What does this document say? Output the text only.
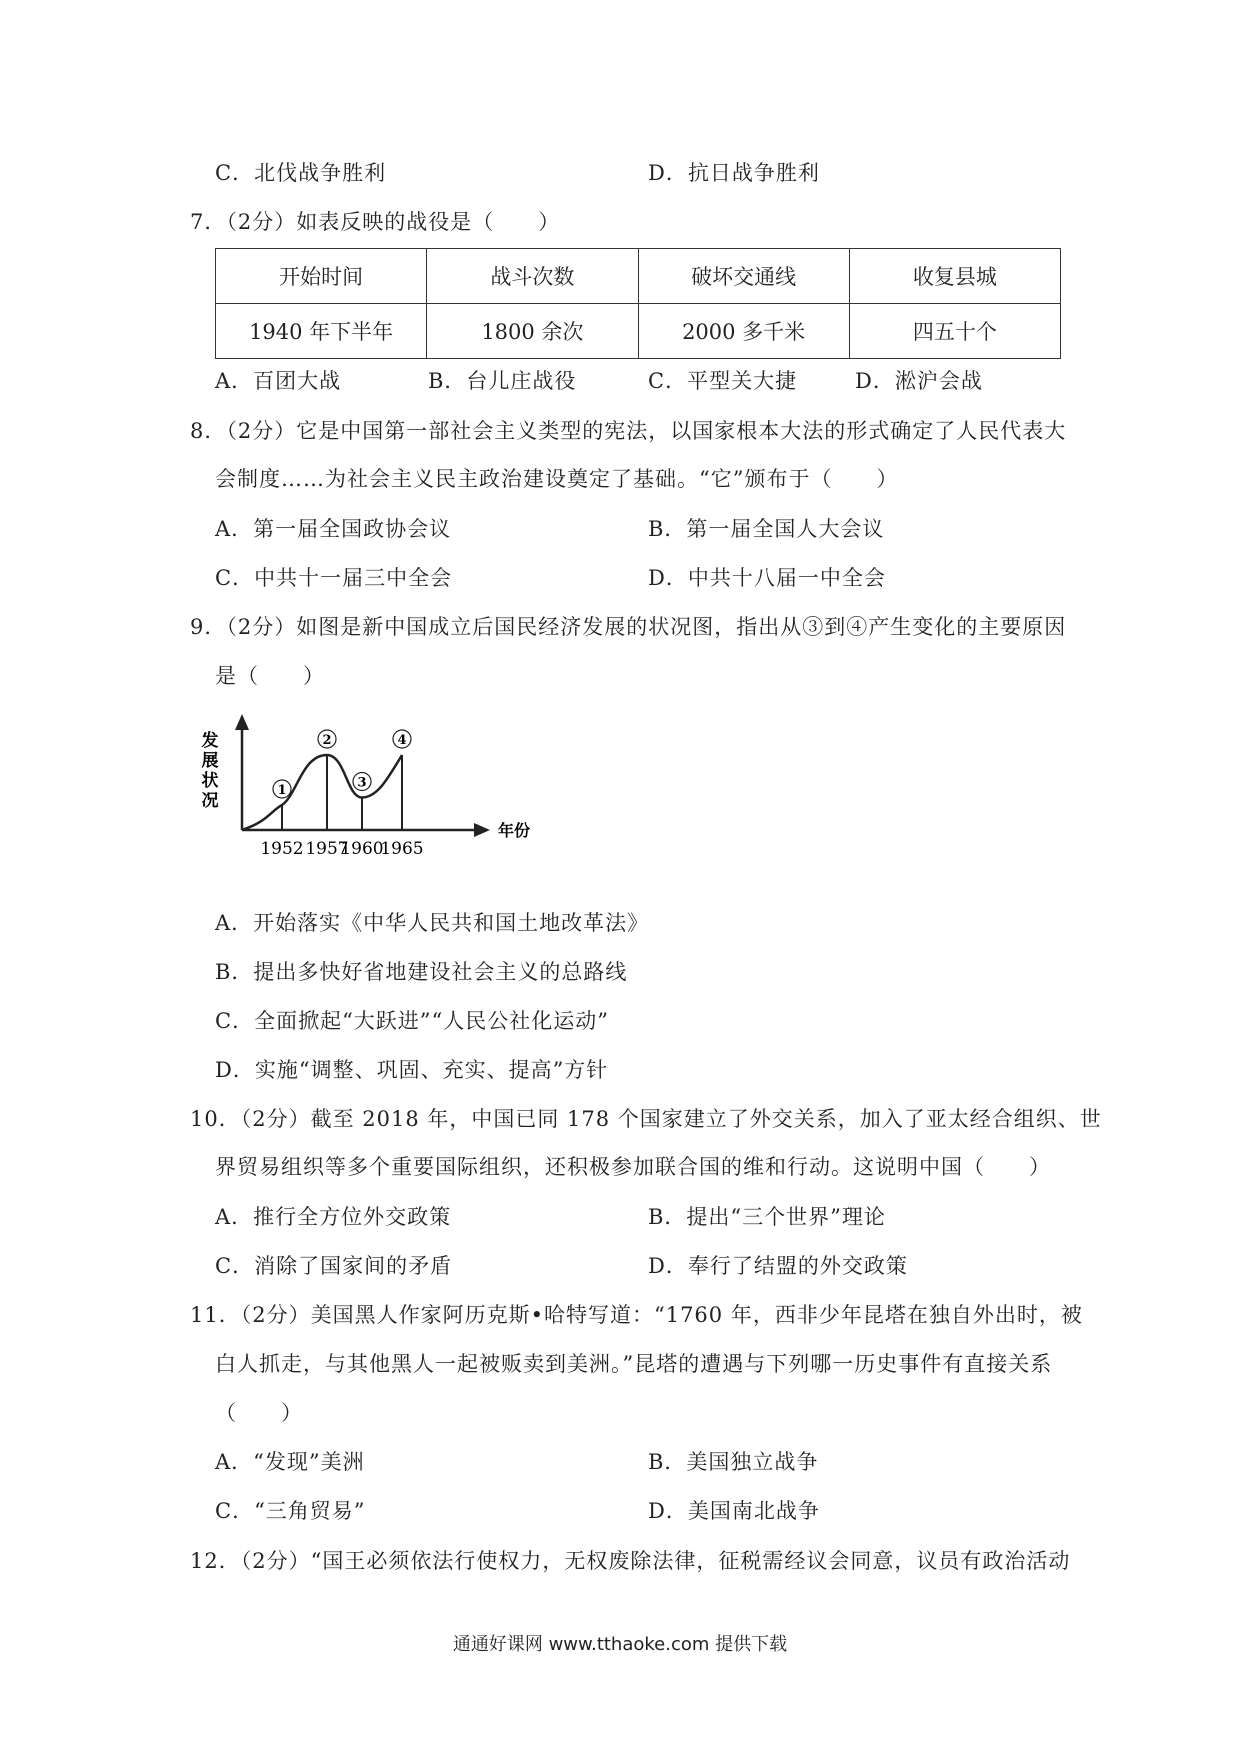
C．北伐战争胜利	D．抗日战争胜利
7．（2分）如表反映的战役是（　　）
开始时间	战斗次数	破坏交通线	收复县城
1940 年下半年	1800 余次	2000 多千米	四五十个
A．百团大战	B．台儿庄战役	C．平型关大捷	D．淞沪会战
8．（2分）它是中国第一部社会主义类型的宪法，以国家根本大法的形式确定了人民代表大
会制度……为社会主义民主政治建设奠定了基础。“它”颁布于（　　）
A．第一届全国政协会议	B．第一届全国人大会议
C．中共十一届三中全会	D．中共十八届一中全会
9．（2分）如图是新中国成立后国民经济发展的状况图，指出从③到④产生变化的主要原因
是（　　）
发
展
状
况
年份
1
1952
2
1957
3
1960
4
1965
A．开始落实《中华人民共和国土地改革法》
B．提出多快好省地建设社会主义的总路线
C．全面掀起“大跃进”“人民公社化运动”
D．实施“调整、巩固、充实、提高”方针
10．（2分）截至 2018 年，中国已同 178 个国家建立了外交关系，加入了亚太经合组织、世
界贸易组织等多个重要国际组织，还积极参加联合国的维和行动。这说明中国（　　）
A．推行全方位外交政策	B．提出“三个世界”理论
C．消除了国家间的矛盾	D．奉行了结盟的外交政策
11．（2分）美国黑人作家阿历克斯•哈特写道：“1760 年，西非少年昆塔在独自外出时，被
白人抓走，与其他黑人一起被贩卖到美洲。”昆塔的遭遇与下列哪一历史事件有直接关系
（　　）
A．“发现”美洲	B．美国独立战争
C．“三角贸易”	D．美国南北战争
12．（2分）“国王必须依法行使权力，无权废除法律，征税需经议会同意，议员有政治活动
通通好课网 www.tthaoke.com 提供下载
